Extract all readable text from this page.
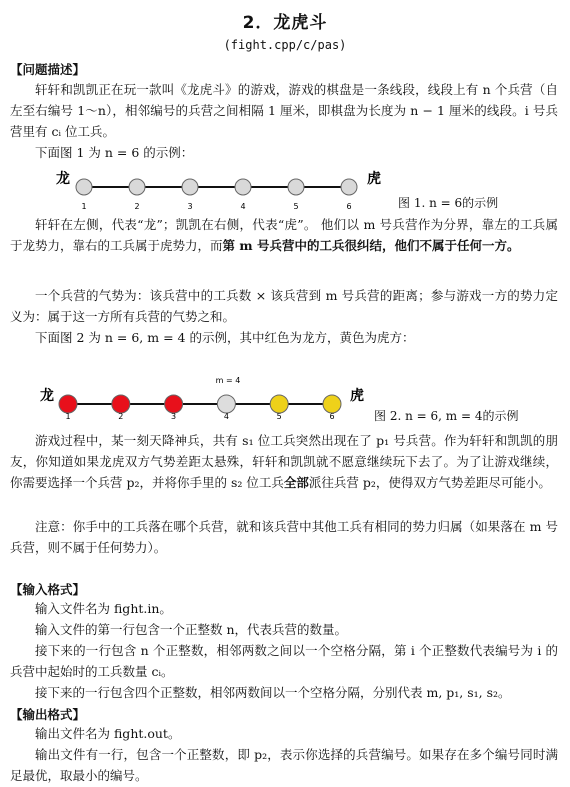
2．龙虎斗
(fight.cpp/c/pas)
【问题描述】

轩轩和凯凯正在玩一款叫《龙虎斗》的游戏，游戏的棋盘是一条线段，线段上有 n 个兵营（自左至右编号 1～n），相邻编号的兵营之间相隔 1 厘米，即棋盘为长度为 n − 1 厘米的线段。i 号兵营里有 cᵢ 位工兵。

下面图 1 为 n = 6 的示例：
1	2	3	4	5	6
龙	虎
图 1. n = 6的示例

轩轩在左侧，代表“龙”；凯凯在右侧，代表“虎”。 他们以 m 号兵营作为分界，靠左的工兵属于龙势力，靠右的工兵属于虎势力，而第 m 号兵营中的工兵很纠结，他们不属于任何一方。

一个兵营的气势为：该兵营中的工兵数 × 该兵营到 m 号兵营的距离；参与游戏一方的势力定义为：属于这一方所有兵营的气势之和。

下面图 2 为 n = 6, m = 4 的示例，其中红色为龙方，黄色为虎方：
1	2	3	4	5	6
m = 4
龙	虎
图 2. n = 6, m = 4的示例

游戏过程中，某一刻天降神兵，共有 s₁ 位工兵突然出现在了 p₁ 号兵营。作为轩轩和凯凯的朋友，你知道如果龙虎双方气势差距太悬殊，轩轩和凯凯就不愿意继续玩下去了。为了让游戏继续，你需要选择一个兵营 p₂，并将你手里的 s₂ 位工兵全部派往兵营 p₂，使得双方气势差距尽可能小。

注意：你手中的工兵落在哪个兵营，就和该兵营中其他工兵有相同的势力归属（如果落在 m 号兵营，则不属于任何势力）。

【输入格式】
输入文件名为 fight.in。
输入文件的第一行包含一个正整数 n，代表兵营的数量。

接下来的一行包含 n 个正整数，相邻两数之间以一个空格分隔，第 i 个正整数代表编号为 i 的兵营中起始时的工兵数量 cᵢ。

接下来的一行包含四个正整数，相邻两数间以一个空格分隔，分别代表 m, p₁, s₁, s₂。
【输出格式】
输出文件名为 fight.out。

输出文件有一行，包含一个正整数，即 p₂，表示你选择的兵营编号。如果存在多个编号同时满足最优，取最小的编号。
